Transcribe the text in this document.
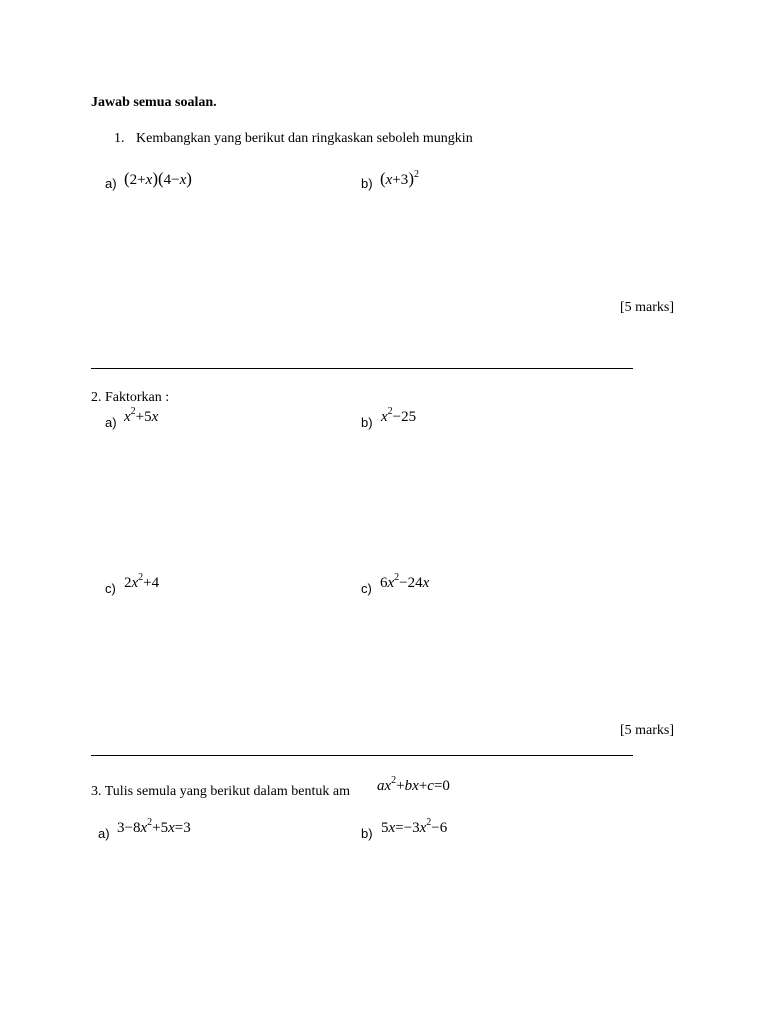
Jawab semua soalan.
1. Kembangkan yang berikut dan ringkaskan seboleh mungkin
a) (2+x)(4−x)	b) $(x+3)^2$
[5 marks]
2. Faktorkan :
a) $x^2+5x$	b) $x^2-25$
c) $2x^2+4$	c) $6x^2-24x$
[5 marks]
3. Tulis semula yang berikut dalam bentuk am $ax^2+bx+c=0$
a) $3-8x^2+5x=3$	b) $5x=-3x^2-6$
